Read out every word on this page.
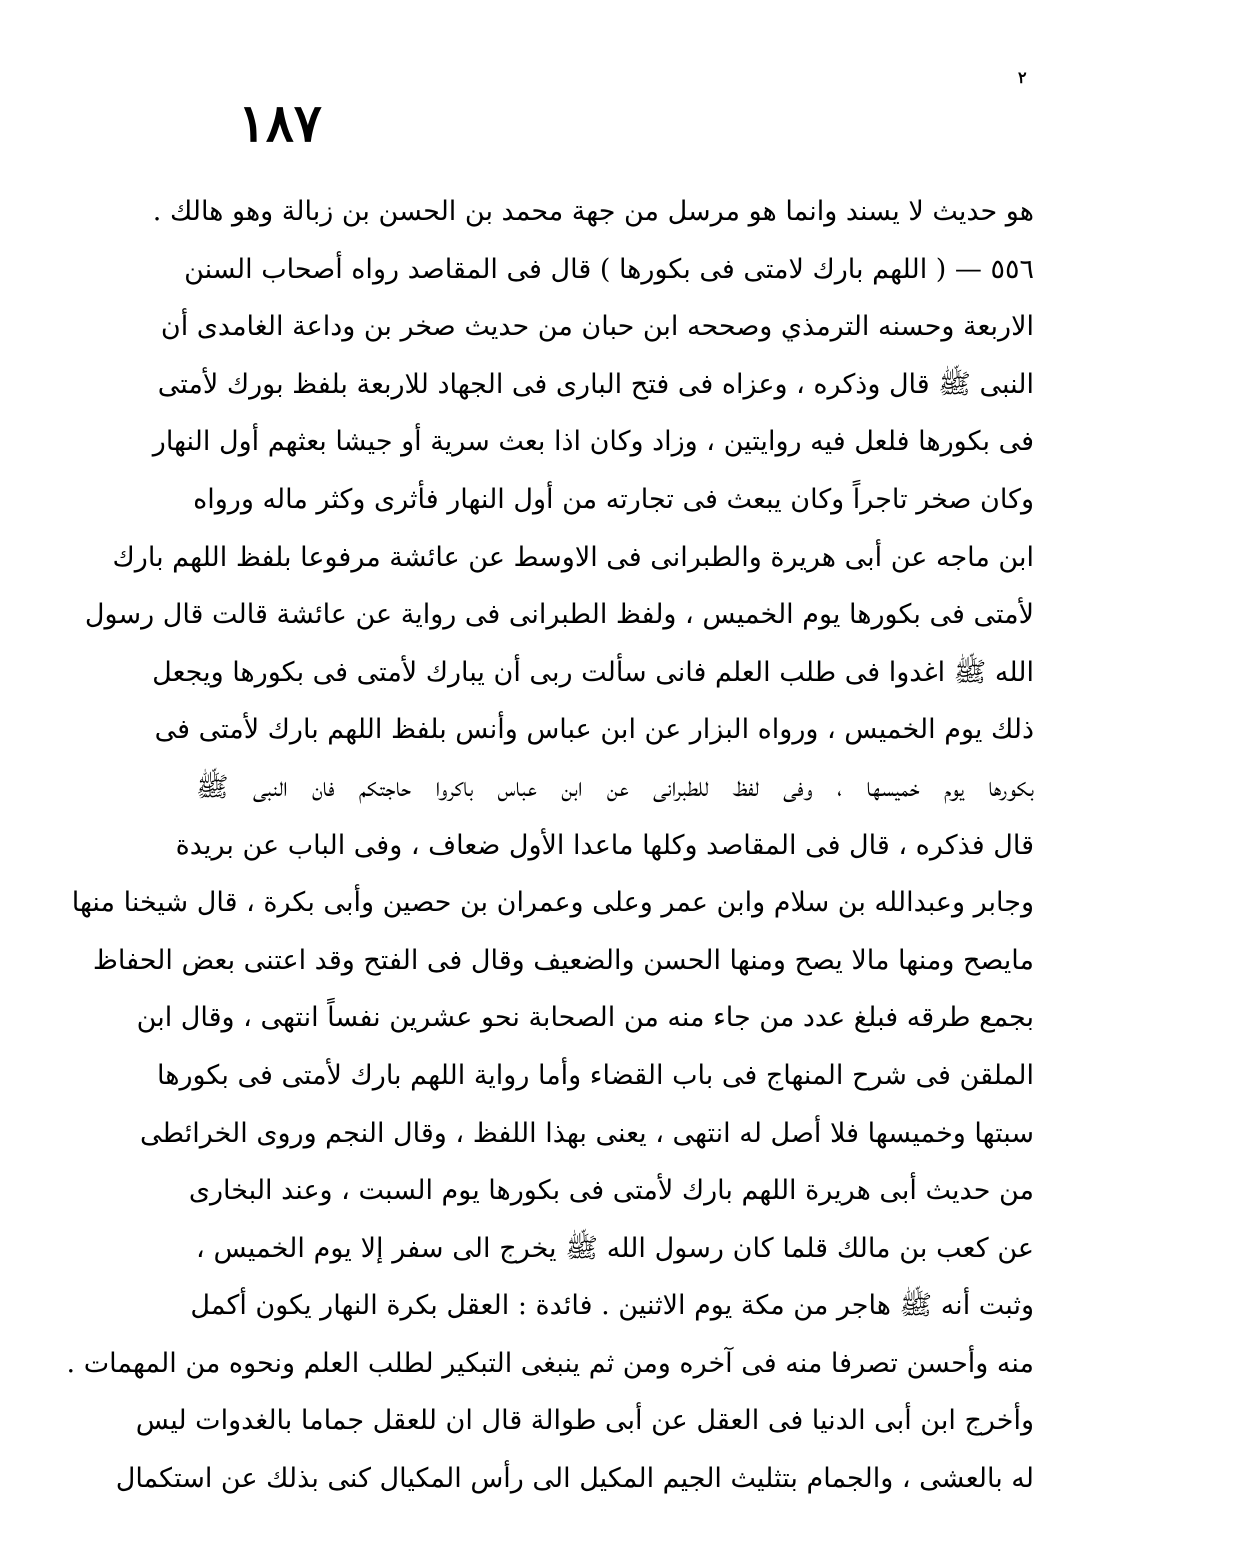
٢
١٨٧
هو حديث لا يسند وانما هو مرسل من جهة محمد بن الحسن بن زبالة وهو هالك .
٥٥٦ — ( اللهم بارك لامتى فى بكورها ) قال فى المقاصد رواه أصحاب السنن
الاربعة وحسنه الترمذي وصححه ابن حبان من حديث صخر بن وداعة الغامدى أن
النبى ﷺ قال وذكره ، وعزاه فى فتح البارى فى الجهاد للاربعة بلفظ بورك لأمتى
فى بكورها فلعل فيه روايتين ، وزاد وكان اذا بعث سرية أو جيشا بعثهم أول النهار
وكان صخر تاجراً وكان يبعث فى تجارته من أول النهار فأثرى وكثر ماله ورواه
ابن ماجه عن أبى هريرة والطبرانى فى الاوسط عن عائشة مرفوعا بلفظ اللهم بارك
لأمتى فى بكورها يوم الخميس ، ولفظ الطبرانى فى رواية عن عائشة قالت قال رسول
الله ﷺ اغدوا فى طلب العلم فانى سألت ربى أن يبارك لأمتى فى بكورها ويجعل
ذلك يوم الخميس ، ورواه البزار عن ابن عباس وأنس بلفظ اللهم بارك لأمتى فى
بكورها يوم خميسها ، وفى لفظ للطبرانى عن ابن عباس باكروا حاجتكم فان النبى ﷺ
قال فذكره ، قال فى المقاصد وكلها ماعدا الأول ضعاف ، وفى الباب عن بريدة
وجابر وعبدالله بن سلام وابن عمر وعلى وعمران بن حصين وأبى بكرة ، قال شيخنا منها
مايصح ومنها مالا يصح ومنها الحسن والضعيف وقال فى الفتح وقد اعتنى بعض الحفاظ
بجمع طرقه فبلغ عدد من جاء منه من الصحابة نحو عشرين نفساً انتهى ، وقال ابن
الملقن فى شرح المنهاج فى باب القضاء وأما رواية اللهم بارك لأمتى فى بكورها
سبتها وخميسها فلا أصل له انتهى ، يعنى بهذا اللفظ ، وقال النجم وروى الخرائطى
من حديث أبى هريرة اللهم بارك لأمتى فى بكورها يوم السبت ، وعند البخارى
عن كعب بن مالك قلما كان رسول الله ﷺ يخرج الى سفر إلا يوم الخميس ،
وثبت أنه ﷺ هاجر من مكة يوم الاثنين . فائدة : العقل بكرة النهار يكون أكمل
منه وأحسن تصرفا منه فى آخره ومن ثم ينبغى التبكير لطلب العلم ونحوه من المهمات .
وأخرج ابن أبى الدنيا فى العقل عن أبى طوالة قال ان للعقل جماما بالغدوات ليس
له بالعشى ، والجمام بتثليث الجيم المكيل الى رأس المكيال كنى بذلك عن استكمال
